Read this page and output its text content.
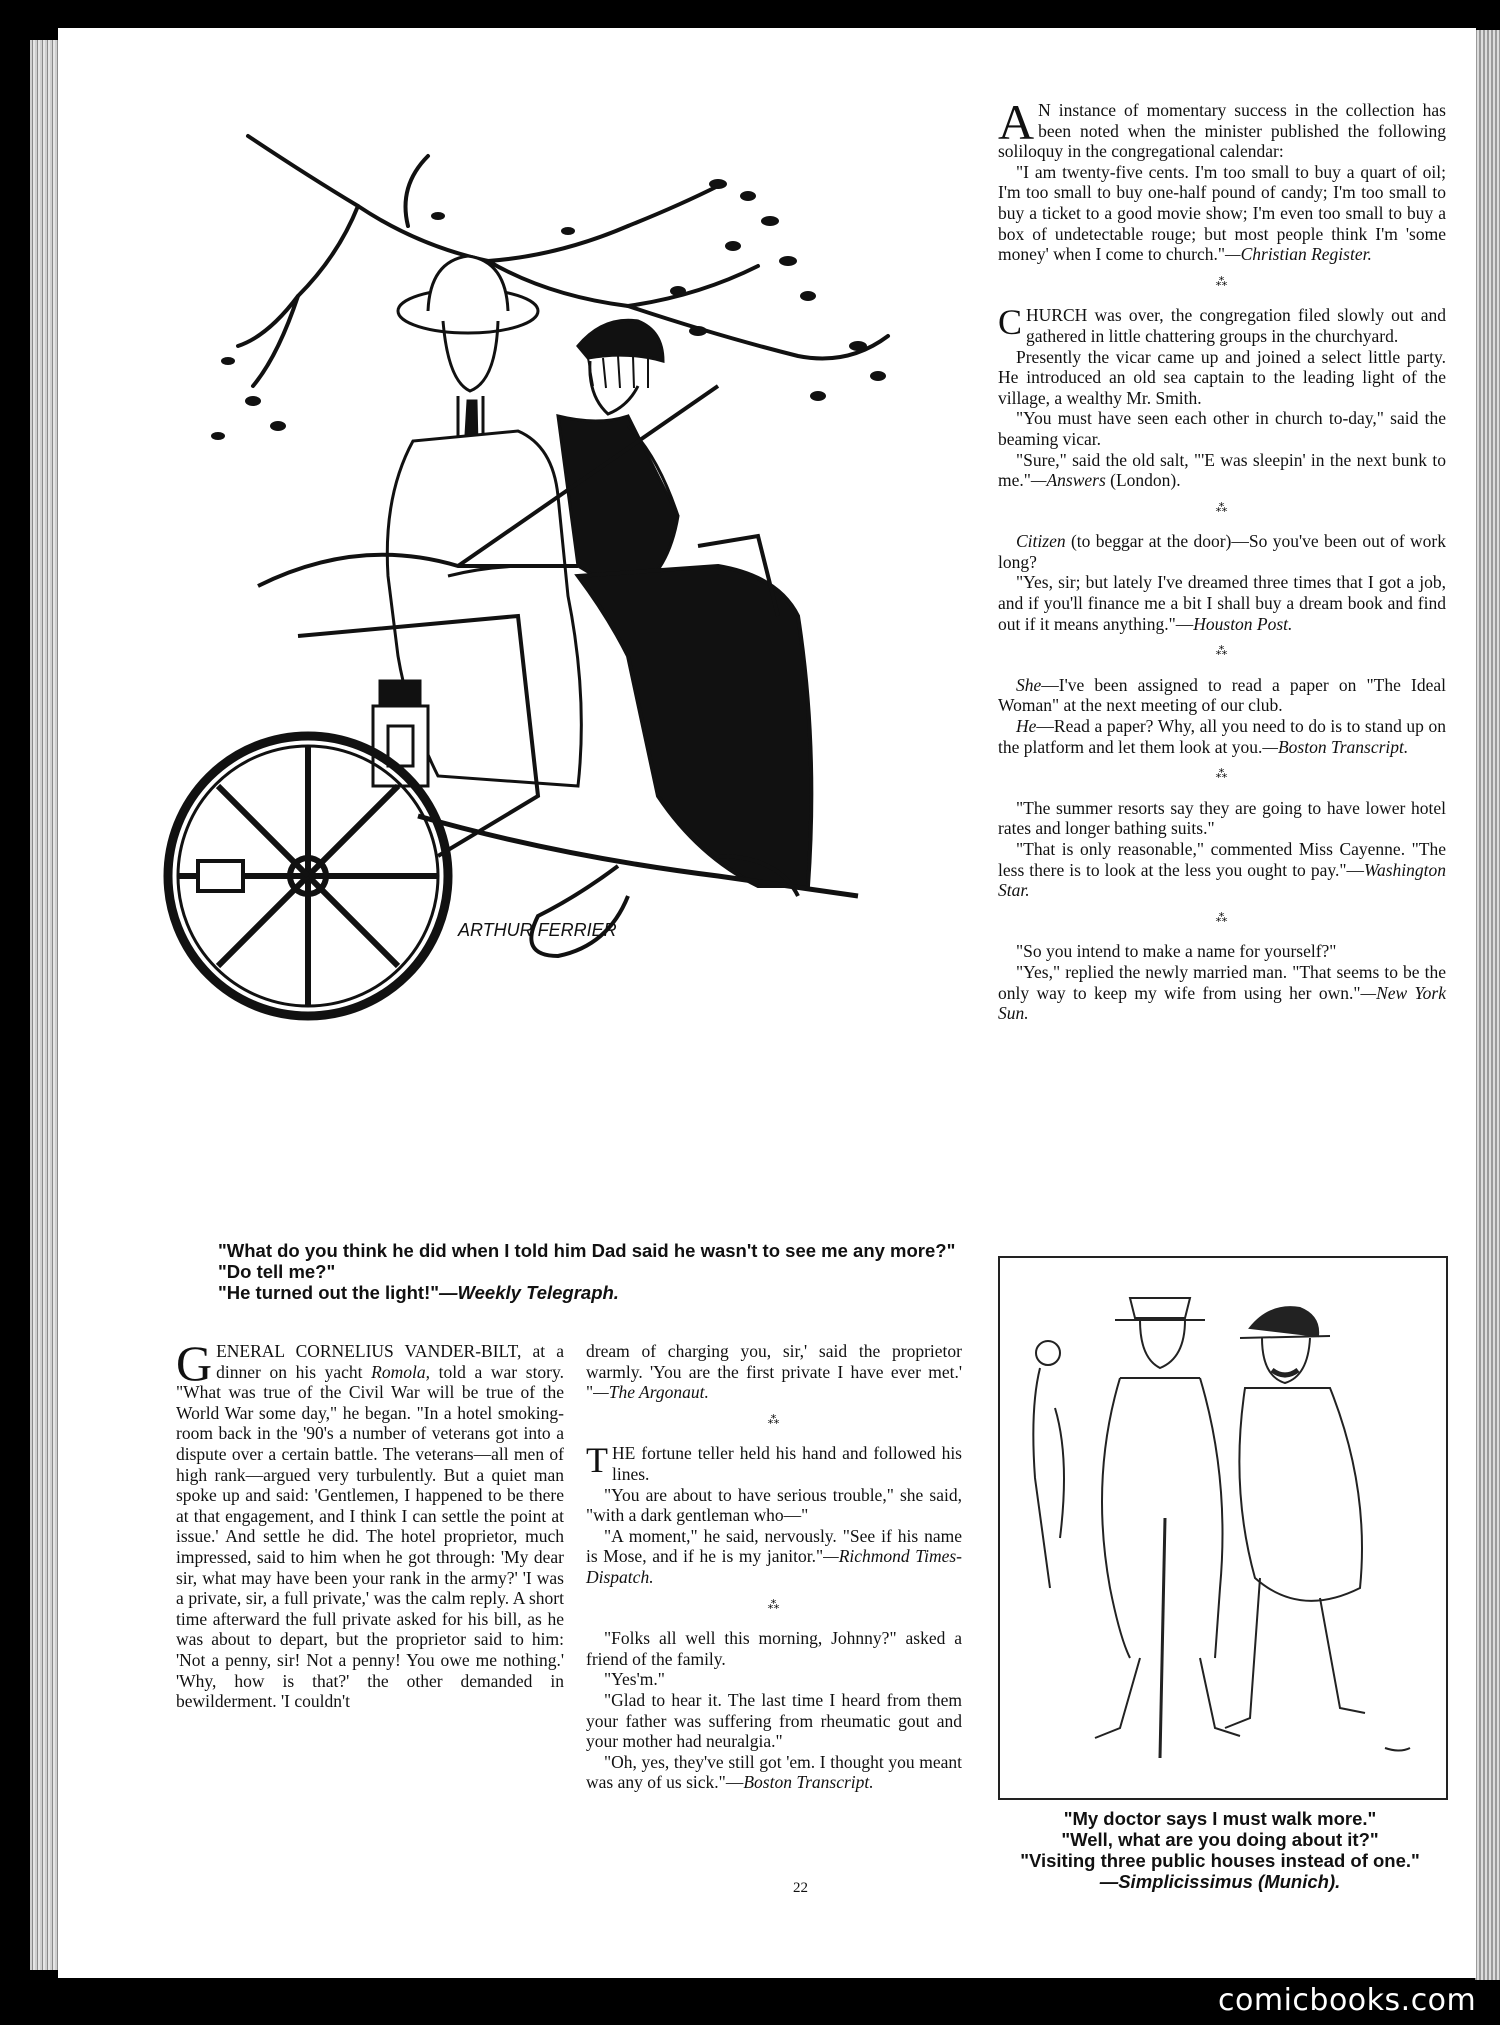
ARTHUR FERRIER

"What do you think he did when I told him Dad said he wasn't to see me any more?"

"Do tell me?"

"He turned out the light!"—Weekly Telegraph.

GENERAL CORNELIUS VANDER-BILT, at a dinner on his yacht Romola, told a war story. "What was true of the Civil War will be true of the World War some day," he began. "In a hotel smoking-room back in the '90's a number of veterans got into a dispute over a certain battle. The veterans—all men of high rank—argued very turbulently. But a quiet man spoke up and said: 'Gentlemen, I happened to be there at that engagement, and I think I can settle the point at issue.' And settle he did. The hotel proprietor, much impressed, said to him when he got through: 'My dear sir, what may have been your rank in the army?' 'I was a private, sir, a full private,' was the calm reply. A short time afterward the full private asked for his bill, as he was about to depart, but the proprietor said to him: 'Not a penny, sir! Not a penny! You owe me nothing.' 'Why, how is that?' the other demanded in bewilderment. 'I couldn't

dream of charging you, sir,' said the proprietor warmly. 'You are the first private I have ever met.' "—The Argonaut.

⁂

THE fortune teller held his hand and followed his lines.

"You are about to have serious trouble," she said, "with a dark gentleman who—"

"A moment," he said, nervously. "See if his name is Mose, and if he is my janitor."—Richmond Times-Dispatch.

⁂

"Folks all well this morning, Johnny?" asked a friend of the family.

"Yes'm."

"Glad to hear it. The last time I heard from them your father was suffering from rheumatic gout and your mother had neuralgia."

"Oh, yes, they've still got 'em. I thought you meant was any of us sick."—Boston Transcript.

A N instance of momentary success in the collection has been noted when the minister published the following soliloquy in the congregational calendar:

"I am twenty-five cents. I'm too small to buy a quart of oil; I'm too small to buy one-half pound of candy; I'm too small to buy a ticket to a good movie show; I'm even too small to buy a box of undetectable rouge; but most people think I'm 'some money' when I come to church."—Christian Register.

⁂

CHURCH was over, the congregation filed slowly out and gathered in little chattering groups in the churchyard.

Presently the vicar came up and joined a select little party. He introduced an old sea captain to the leading light of the village, a wealthy Mr. Smith.

"You must have seen each other in church to-day," said the beaming vicar.

"Sure," said the old salt, "'E was sleepin' in the next bunk to me."—Answers (London).

⁂

Citizen (to beggar at the door)—So you've been out of work long?

"Yes, sir; but lately I've dreamed three times that I got a job, and if you'll finance me a bit I shall buy a dream book and find out if it means anything."—Houston Post.

⁂

She—I've been assigned to read a paper on "The Ideal Woman" at the next meeting of our club.

He—Read a paper? Why, all you need to do is to stand up on the platform and let them look at you.—Boston Transcript.

⁂

"The summer resorts say they are going to have lower hotel rates and longer bathing suits."

"That is only reasonable," commented Miss Cayenne. "The less there is to look at the less you ought to pay."—Washington Star.

⁂

"So you intend to make a name for yourself?"

"Yes," replied the newly married man. "That seems to be the only way to keep my wife from using her own."—New York Sun.

"My doctor says I must walk more."

"Well, what are you doing about it?"

"Visiting three public houses instead of one."

—Simplicissimus (Munich).

22
comicbooks.com
